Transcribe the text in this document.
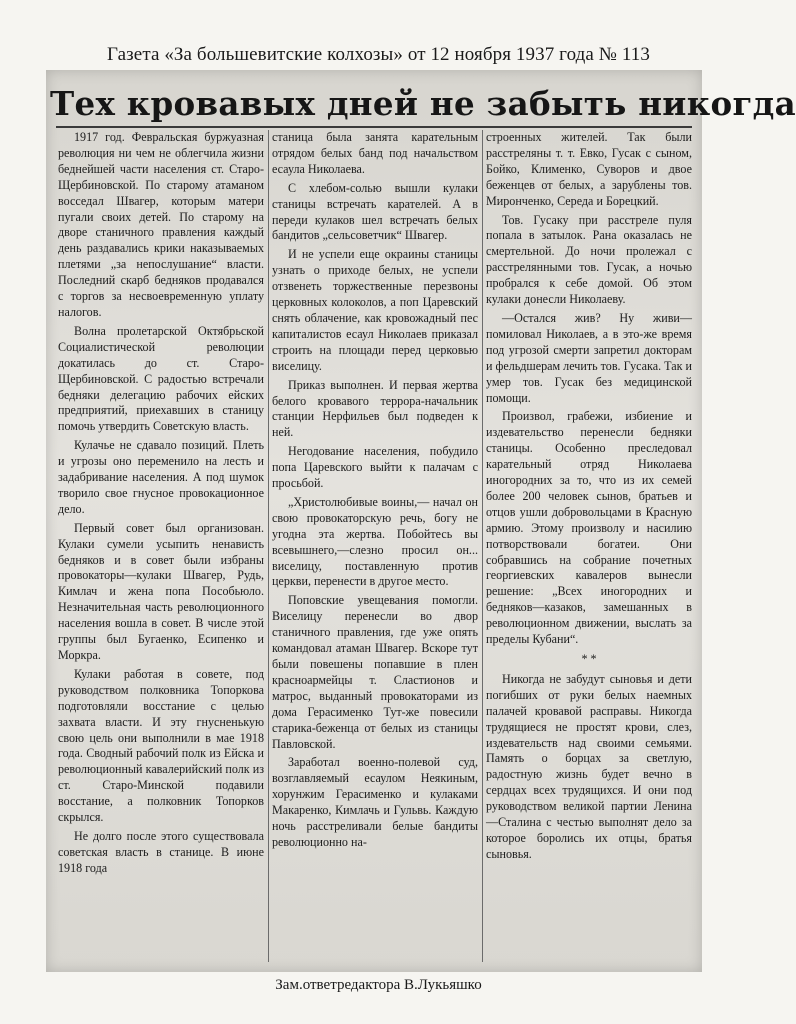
Газета «За большевитские колхозы» от 12 ноября 1937 года № 113
Тех кровавых дней не забыть никогда

1917 год. Февральская буржуазная революция ни чем не облегчила жизни беднейшей части населения ст. Старо-Щербиновской. По старому атаманом восседал Швагер, которым матери пугали своих детей. По старому на дворе станичного правления каждый день раздавались крики наказываемых плетями „за непослушание“ власти. Последний скарб бедняков продавался с торгов за несвоевременную уплату налогов.

Волна пролетарской Октябрьской Социалистической революции докатилась до ст. Старо-Щербиновской. С радостью встречали бедняки делегацию рабочих ейских предприятий, приехавших в станицу помочь утвердить Советскую власть.

Кулачье не сдавало позиций. Плеть и угрозы оно переменило на лесть и задабривание населения. А под шумок творило свое гнусное провокационное дело.

Первый совет был организован. Кулаки сумели усыпить ненависть бедняков и в совет были избраны провокаторы—кулаки Швагер, Рудь, Кимлач и жена попа Пособьюло. Незначительная часть революционного населения вошла в совет. В числе этой группы был Бугаенко, Есипенко и Моркра.

Кулаки работая в совете, под руководством полковника Топоркова подготовляли восстание с целью захвата власти. И эту гнусненькую свою цель они выполнили в мае 1918 года. Сводный рабочий полк из Ейска и революционный кавалерийский полк из ст. Старо-Минской подавили восстание, а полковник Топорков скрылся.

Не долго после этого существовала советская власть в станице. В июне 1918 года

станица была занята карательным отрядом белых банд под начальством есаула Николаева.

С хлебом-солью вышли кулаки станицы встречать карателей. А в переди кулаков шел встречать белых бандитов „сельсоветчик“ Швагер.

И не успели еще окраины станицы узнать о приходе белых, не успели отзвенеть торжественные перезвоны церковных колоколов, а поп Царевский снять облачение, как кровожадный пес капиталистов есаул Николаев приказал строить на площади перед церковью виселицу.

Приказ выполнен. И первая жертва белого кровавого террора-начальник станции Нерфильев был подведен к ней.

Негодование населения, побудило попа Царевского выйти к палачам с просьбой.

„Христолюбивые воины,— начал он свою провокаторскую речь, богу не угодна эта жертва. Побойтесь вы всевышнего,—слезно просил он... виселицу, поставленную против церкви, перенести в другое место.

Поповские увещевания помогли. Виселицу перенесли во двор станичного правления, где уже опять командовал атаман Швагер. Вскоре тут были повешены попавшие в плен красноармейцы т. Сластионов и матрос, выданный провокаторами из дома Герасименко Тут-же повесили старика-беженца от белых из станицы Павловской.

Заработал военно-полевой суд, возглавляемый есаулом Неякиным, хорунжим Герасименко и кулаками Макаренко, Кимлачь и Гульвь. Каждую ночь расстреливали белые бандиты революционно на-

строенных жителей. Так были расстреляны т. т. Евко, Гусак с сыном, Бойко, Клименко, Суворов и двое беженцев от белых, а зарублены тов. Миронченко, Середа и Борецкий.

Тов. Гусаку при расстреле пуля попала в затылок. Рана оказалась не смертельной. До ночи пролежал с расстрелянными тов. Гусак, а ночью пробрался к себе домой. Об этом кулаки донесли Николаеву.

—Остался жив? Ну живи—помиловал Николаев, а в это-же время под угрозой смерти запретил докторам и фельдшерам лечить тов. Гусака. Так и умер тов. Гусак без медицинской помощи.

Произвол, грабежи, избиение и издевательство перенесли бедняки станицы. Особенно преследовал карательный отряд Николаева иногородних за то, что из их семей более 200 человек сынов, братьев и отцов ушли добровольцами в Красную армию. Этому произволу и насилию потворствовали богатеи. Они собравшись на собрание почетных георгиевских кавалеров вынесли решение: „Всех иногородних и бедняков—казаков, замешанных в революционном движении, выслать за пределы Кубани“.

* *

Никогда не забудут сыновья и дети погибших от руки белых наемных палачей кровавой расправы. Никогда трудящиеся не простят крови, слез, издевательств над своими семьями. Память о борцах за светлую, радостную жизнь будет вечно в сердцах всех трудящихся. И они под руководством великой партии Ленина—Сталина с честью выполнят дело за которое боролись их отцы, братья сыновья.

Зам.ответредактора В.Лукьяшко
